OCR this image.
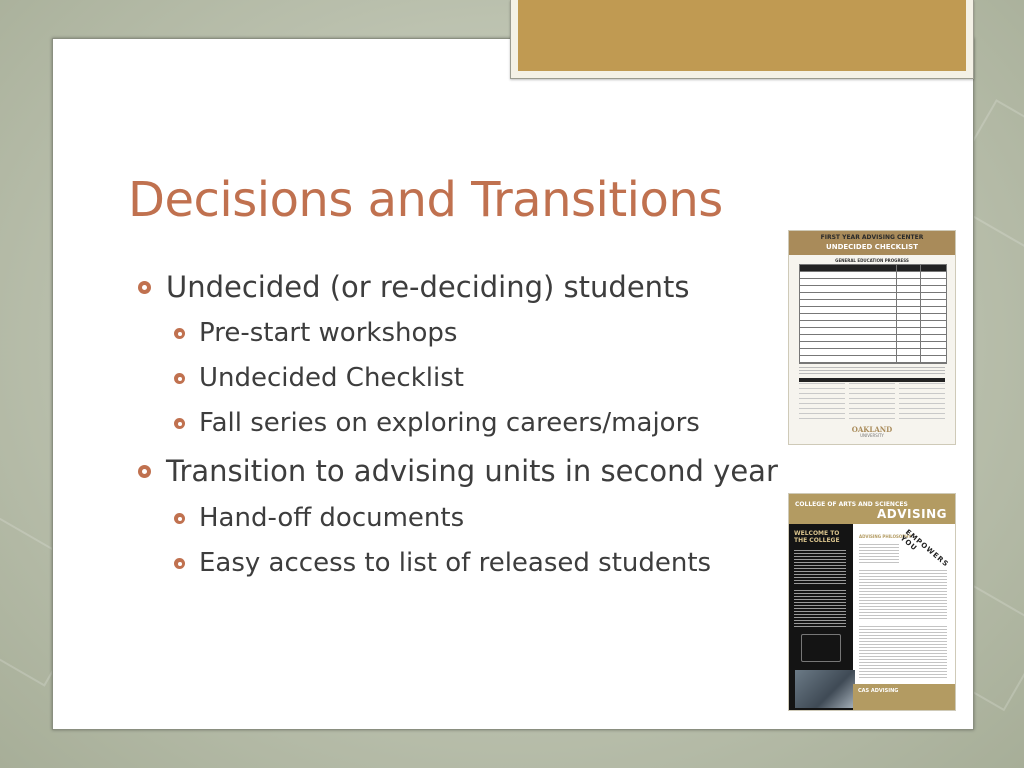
Decisions and Transitions
Undecided (or re-deciding) students
Pre-start workshops
Undecided Checklist
Fall series on exploring careers/majors
Transition to advising units in second year
Hand-off documents
Easy access to list of released students
FIRST YEAR ADVISING CENTER
UNDECIDED CHECKLIST
GENERAL EDUCATION PROGRESS
OAKLAND
UNIVERSITY
COLLEGE OF ARTS AND SCIENCES
ADVISING
WELCOME TO THE COLLEGE
ADVISING PHILOSOPHY
EMPOWERS YOU
CAS ADVISING
